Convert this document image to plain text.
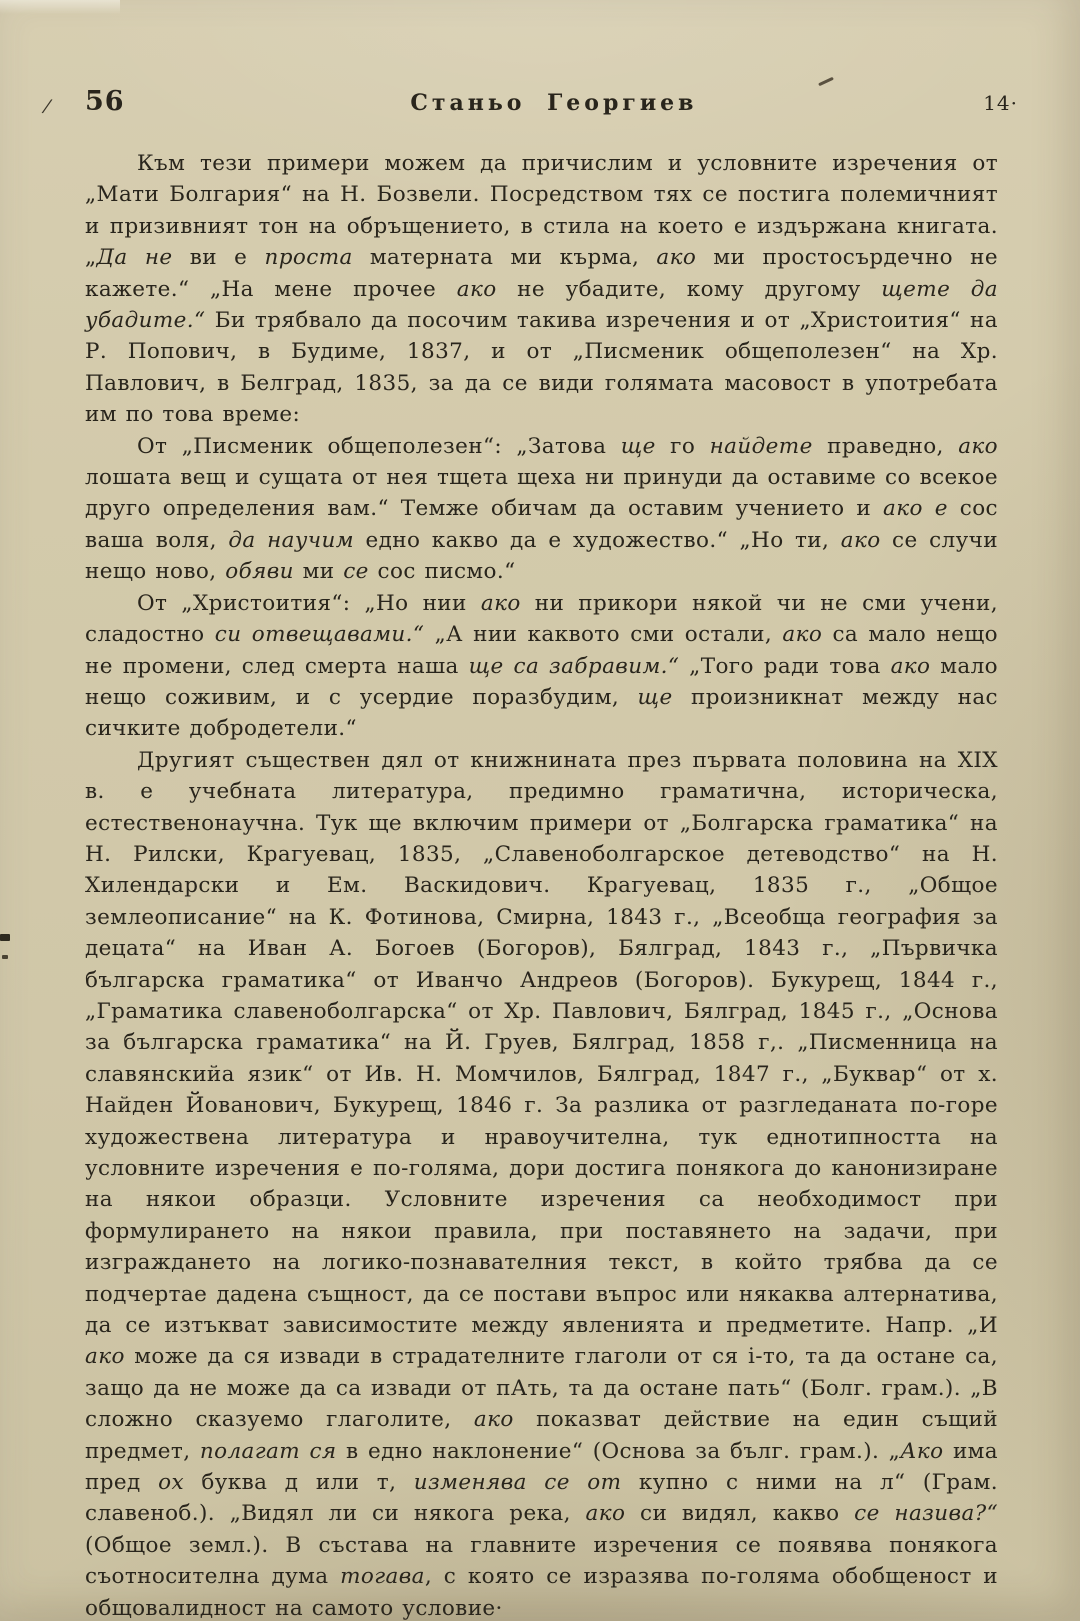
/ 56	Станьо Георгиев	14·

Към тези примери можем да причислим и условните изречения от „Мати Болгария“ на Н. Бозвели. Посредством тях се постига полемичният и призивният тон на обръщението, в стила на което е издържана книгата. „Да не ви е проста матерната ми кърма, ако ми простосърдечно не кажете.“ „На мене прочее ако не убадите, кому другому щете да убадите.“ Би трябвало да посочим такива изречения и от „Христоития“ на Р. Попович, в Будиме, 1837, и от „Писменик общеполезен“ на Хр. Павлович, в Белград, 1835, за да се види голямата масовост в употребата им по това време:

От „Писменик общеполезен“: „Затова ще го найдете праведно, ако лошата вещ и сущата от нея тщета щеха ни принуди да оставиме со всекое друго определения вам.“ Темже обичам да оставим учението и ако е сос ваша воля, да научим едно какво да е художество.“ „Но ти, ако се случи нещо ново, обяви ми се сос писмо.“

От „Христоития“: „Но нии ако ни прикори някой чи не сми учени, сладостно си отвещавами.“ „А нии каквото сми остали, ако са мало нещо не промени, след смерта наша ще са забравим.“ „Того ради това ако мало нещо соживим, и с усердие поразбудим, ще произникнат между нас сичките добродетели.“

Другият съществен дял от книжнината през първата половина на XIX в. е учебната литература, предимно граматична, историческа, естественонаучна. Тук ще включим примери от „Болгарска граматика“ на Н. Рилски, Крагуевац, 1835, „Славеноболгарское детеводство“ на Н. Хилендарски и Ем. Васкидович. Крагуевац, 1835 г., „Общое землеописание“ на К. Фотинова, Смирна, 1843 г., „Всеобща география за децата“ на Иван А. Богоев (Богоров), Бялград, 1843 г., „Първичка българска граматика“ от Иванчо Андреов (Богоров). Букурещ, 1844 г., „Граматика славеноболгарска“ от Хр. Павлович, Бялград, 1845 г., „Основа за българска граматика“ на Й. Груев, Бялград, 1858 г,. „Писменница на славянскийа язик“ от Ив. Н. Момчилов, Бялград, 1847 г., „Буквар“ от х. Найден Йованович, Букурещ, 1846 г. За разлика от разгледаната по-горе художествена литература и нравоучителна, тук еднотипността на условните изречения е по-голяма, дори достига понякога до канонизиране на някои образци. Условните изречения са необходимост при формулирането на някои правила, при поставянето на задачи, при изграждането на логико-познавателния текст, в който трябва да се подчертае дадена същност, да се постави въпрос или някаква алтернатива, да се изтъкват зависимостите между явленията и предметите. Напр. „И ако може да ся извади в страдателните глаголи от ся і-то, та да остане са, защо да не може да са извади от пАть, та да остане пать“ (Болг. грам.). „В сложно сказуемо глаголите, ако показват действие на един същий предмет, полагат ся в едно наклонение“ (Основа за бълг. грам.). „Ако има пред ох буква д или т, изменява се от купно с ними на л“ (Грам. славеноб.). „Видял ли си някога река, ако си видял, какво се назива?“ (Общое земл.). В състава на главните изречения се появява понякога съотносителна дума тогава, с която се изразява по-голяма обобщеност и общовалидност на самото условие·
